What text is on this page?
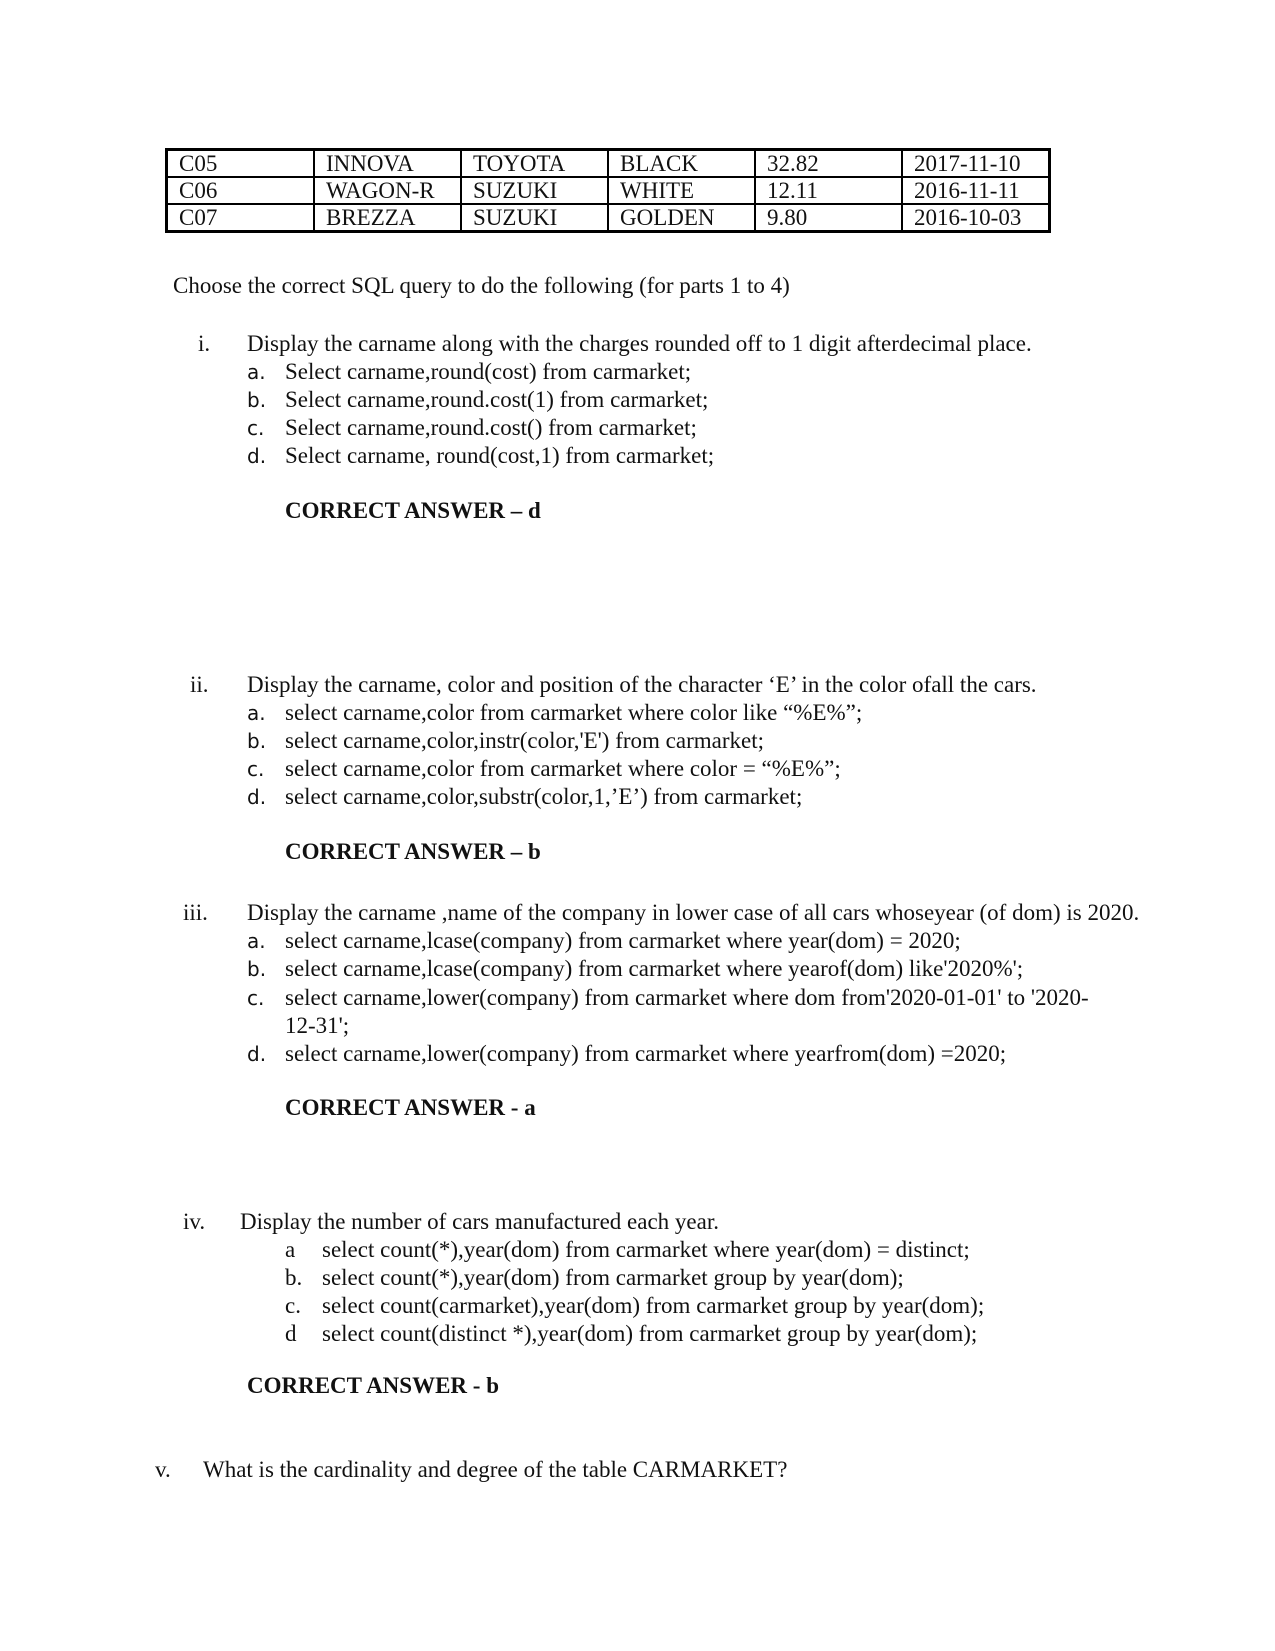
C05	INNOVA	TOYOTA	BLACK	32.82	2017-11-10
C06	WAGON-R	SUZUKI	WHITE	12.11	2016-11-11
C07	BREZZA	SUZUKI	GOLDEN	9.80	2016-10-03
Choose the correct SQL query to do the following (for parts 1 to 4)
i. Display the carname along with the charges rounded off to 1 digit afterdecimal place.
a. Select carname,round(cost) from carmarket;
b. Select carname,round.cost(1) from carmarket;
c. Select carname,round.cost() from carmarket;
d. Select carname, round(cost,1) from carmarket;
CORRECT ANSWER – d
ii. Display the carname, color and position of the character ‘E’ in the color ofall the cars.
a. select carname,color from carmarket where color like “%E%”;
b. select carname,color,instr(color,'E') from carmarket;
c. select carname,color from carmarket where color = “%E%”;
d. select carname,color,substr(color,1,’E’) from carmarket;
CORRECT ANSWER – b
iii. Display the carname ,name of the company in lower case of all cars whoseyear (of dom) is 2020.
a. select carname,lcase(company) from carmarket where year(dom) = 2020;
b. select carname,lcase(company) from carmarket where yearof(dom) like'2020%';
c. select carname,lower(company) from carmarket where dom from'2020-01-01' to '2020-
12-31';
d. select carname,lower(company) from carmarket where yearfrom(dom) =2020;
CORRECT ANSWER - a
iv. Display the number of cars manufactured each year.
a select count(*),year(dom) from carmarket where year(dom) = distinct;
b. select count(*),year(dom) from carmarket group by year(dom);
c. select count(carmarket),year(dom) from carmarket group by year(dom);
d select count(distinct *),year(dom) from carmarket group by year(dom);
CORRECT ANSWER - b
v. What is the cardinality and degree of the table CARMARKET?
